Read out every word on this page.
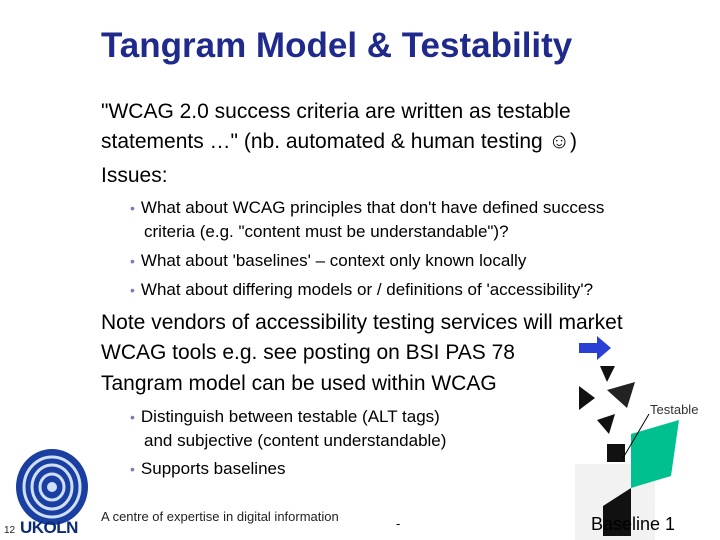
Tangram Model & Testability
"WCAG 2.0 success criteria are written as testable
statements …" (nb. automated & human testing ☺)
Issues:
• What about WCAG principles that don't have defined success
criteria (e.g. "content must be understandable")?
• What about 'baselines' – context only known locally
• What about differing models or / definitions of 'accessibility'?
Note vendors of accessibility testing services will market
WCAG tools e.g. see posting on BSI PAS 78
Tangram model can be used within WCAG
• Distinguish between testable (ALT tags)
and subjective (content understandable)
• Supports baselines
Testable
Baseline 1
UKOLN
12
A centre of expertise in digital information	-
